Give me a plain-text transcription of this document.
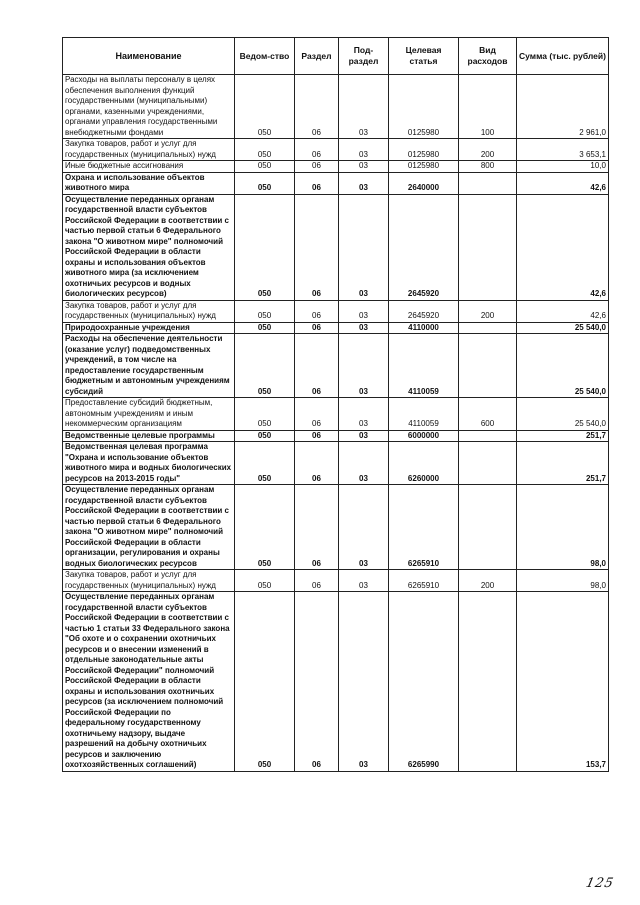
Наименование	Ведом-ство	Раздел	Под-раздел	Целевая статья	Вид расходов	Сумма (тыс. рублей)
Расходы на выплаты персоналу в целях обеспечения выполнения функций государственными (муниципальными) органами, казенными учреждениями, органами управления государственными внебюджетными фондами	050	06	03	0125980	100	2 961,0
Закупка товаров, работ и услуг для государственных (муниципальных) нужд	050	06	03	0125980	200	3 653,1
Иные бюджетные ассигнования	050	06	03	0125980	800	10,0
Охрана и использование объектов животного мира	050	06	03	2640000		42,6
Осуществление переданных органам государственной власти субъектов Российской Федерации в соответствии с частью первой статьи 6 Федерального закона "О животном мире" полномочий Российской Федерации в области охраны и использования объектов животного мира (за исключением охотничьих ресурсов и водных биологических ресурсов)	050	06	03	2645920		42,6
Закупка товаров, работ и услуг для государственных (муниципальных) нужд	050	06	03	2645920	200	42,6
Природоохранные учреждения	050	06	03	4110000		25 540,0
Расходы на обеспечение деятельности (оказание услуг) подведомственных учреждений, в том числе на предоставление государственным бюджетным и автономным учреждениям субсидий	050	06	03	4110059		25 540,0
Предоставление субсидий бюджетным, автономным учреждениям и иным некоммерческим организациям	050	06	03	4110059	600	25 540,0
Ведомственные целевые программы	050	06	03	6000000		251,7
Ведомственная целевая программа "Охрана и использование объектов животного мира и водных биологических ресурсов на 2013-2015 годы"	050	06	03	6260000		251,7
Осуществление переданных органам государственной власти субъектов Российской Федерации в соответствии с частью первой статьи 6 Федерального закона "О животном мире" полномочий Российской Федерации в области организации, регулирования и охраны водных биологических ресурсов	050	06	03	6265910		98,0
Закупка товаров, работ и услуг для государственных (муниципальных) нужд	050	06	03	6265910	200	98,0
Осуществление переданных органам государственной власти субъектов Российской Федерации в соответствии с частью 1 статьи 33 Федерального закона "Об охоте и о сохранении охотничьих ресурсов и о внесении изменений в отдельные законодательные акты Российской Федерации" полномочий Российской Федерации в области охраны и использования охотничьих ресурсов (за исключением полномочий Российской Федерации по федеральному государственному охотничьему надзору, выдаче разрешений на добычу охотничьих ресурсов и заключению охотхозяйственных соглашений)	050	06	03	6265990		153,7
125
